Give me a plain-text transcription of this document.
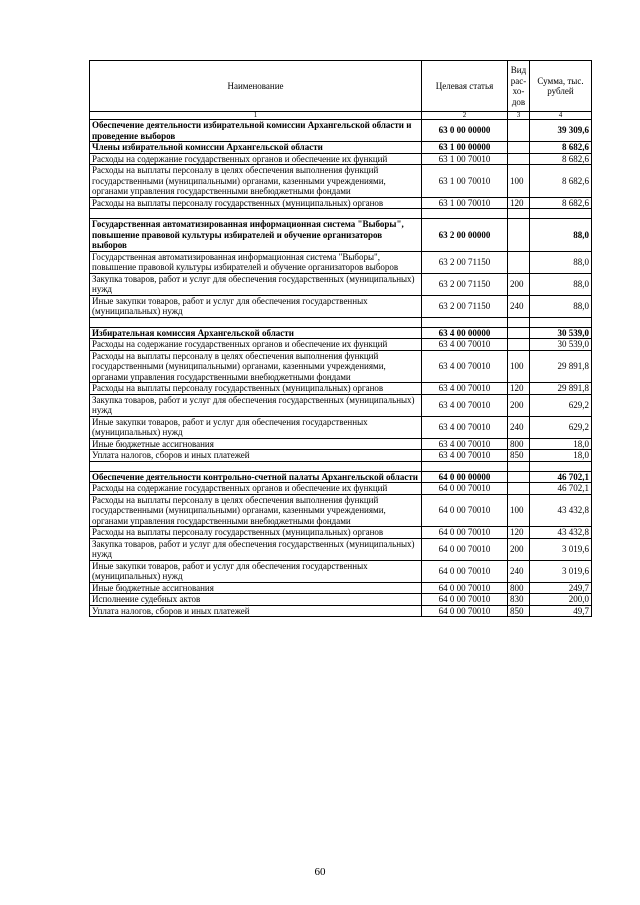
Наименование	Целевая статья	Вид рас-хо-дов	Сумма, тыс. рублей
1	2	3	4
Обеспечение деятельности избирательной комиссии Архангельской области и проведение выборов	63 0 00 00000		39 309,6
Члены избирательной комиссии Архангельской области	63 1 00 00000		8 682,6
Расходы на содержание государственных органов и обеспечение их функций	63 1 00 70010		8 682,6
Расходы на выплаты персоналу в целях обеспечения выполнения функций государственными (муниципальными) органами, казенными учреждениями, органами управления государственными внебюджетными фондами	63 1 00 70010	100	8 682,6
Расходы на выплаты персоналу государственных (муниципальных) органов	63 1 00 70010	120	8 682,6

Государственная автоматизированная информационная система "Выборы", повышение правовой культуры избирателей и обучение организаторов выборов	63 2 00 00000		88,0
Государственная автоматизированная информационная система "Выборы", повышение правовой культуры избирателей и обучение организаторов выборов	63 2 00 71150		88,0
Закупка товаров, работ и услуг для обеспечения государственных (муниципальных) нужд	63 2 00 71150	200	88,0
Иные закупки товаров, работ и услуг для обеспечения государственных (муниципальных) нужд	63 2 00 71150	240	88,0

Избирательная комиссия Архангельской области	63 4 00 00000		30 539,0
Расходы на содержание государственных органов и обеспечение их функций	63 4 00 70010		30 539,0
Расходы на выплаты персоналу в целях обеспечения выполнения функций государственными (муниципальными) органами, казенными учреждениями, органами управления государственными внебюджетными фондами	63 4 00 70010	100	29 891,8
Расходы на выплаты персоналу государственных (муниципальных) органов	63 4 00 70010	120	29 891,8
Закупка товаров, работ и услуг для обеспечения государственных (муниципальных) нужд	63 4 00 70010	200	629,2
Иные закупки товаров, работ и услуг для обеспечения государственных (муниципальных) нужд	63 4 00 70010	240	629,2
Иные бюджетные ассигнования	63 4 00 70010	800	18,0
Уплата налогов, сборов и иных платежей	63 4 00 70010	850	18,0

Обеспечение деятельности контрольно-счетной палаты Архангельской области	64 0 00 00000		46 702,1
Расходы на содержание государственных органов и обеспечение их функций	64 0 00 70010		46 702,1
Расходы на выплаты персоналу в целях обеспечения выполнения функций государственными (муниципальными) органами, казенными учреждениями, органами управления государственными внебюджетными фондами	64 0 00 70010	100	43 432,8
Расходы на выплаты персоналу государственных (муниципальных) органов	64 0 00 70010	120	43 432,8
Закупка товаров, работ и услуг для обеспечения государственных (муниципальных) нужд	64 0 00 70010	200	3 019,6
Иные закупки товаров, работ и услуг для обеспечения государственных (муниципальных) нужд	64 0 00 70010	240	3 019,6
Иные бюджетные ассигнования	64 0 00 70010	800	249,7
Исполнение судебных актов	64 0 00 70010	830	200,0
Уплата налогов, сборов и иных платежей	64 0 00 70010	850	49,7
60
